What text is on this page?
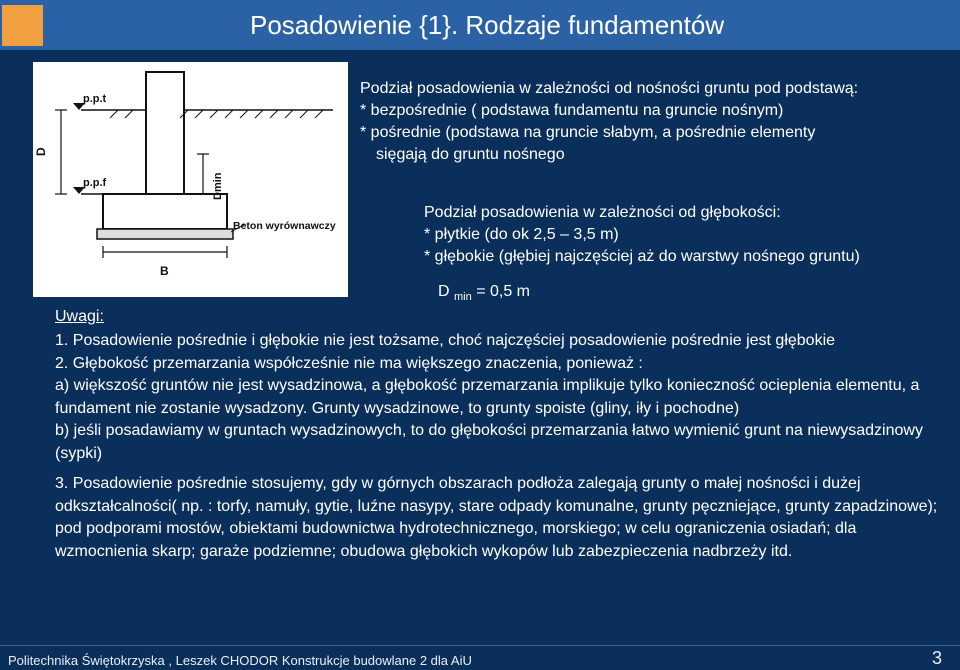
Posadowienie {1}. Rodzaje fundamentów
p.p.t
p.p.f
D
Dmin
B
Beton wyrównawczy
Podział posadowienia w zależności od nośności gruntu pod podstawą:
* bezpośrednie ( podstawa fundamentu na gruncie nośnym)
* pośrednie (podstawa na gruncie słabym, a pośrednie elementy
sięgają do gruntu nośnego
Podział posadowienia w zależności od głębokości:
* płytkie (do ok 2,5 – 3,5 m)
* głębokie (głębiej najczęściej aż do warstwy nośnego gruntu)
D $_{min}$ = 0,5 m
Uwagi:

1. Posadowienie pośrednie i głębokie nie jest tożsame, choć najczęściej posadowienie pośrednie jest głębokie

2. Głębokość przemarzania współcześnie nie ma większego znaczenia, ponieważ :

a) większość gruntów nie jest wysadzinowa, a głębokość przemarzania implikuje tylko konieczność ocieplenia elementu, a fundament nie zostanie wysadzony. Grunty wysadzinowe, to grunty spoiste (gliny, iły i pochodne)

b) jeśli posadawiamy w gruntach wysadzinowych, to do głębokości przemarzania łatwo wymienić grunt na niewysadzinowy (sypki)

3. Posadowienie pośrednie stosujemy, gdy w górnych obszarach podłoża zalegają grunty o małej nośności i dużej odkształcalności( np. : torfy, namuły, gytie, luźne nasypy, stare odpady komunalne, grunty pęczniejące, grunty zapadzinowe); pod podporami mostów, obiektami budownictwa hydrotechnicznego, morskiego; w celu ograniczenia osiadań; dla wzmocnienia skarp; garaże podziemne; obudowa głębokich wykopów lub zabezpieczenia nadbrzeży itd.

Politechnika Świętokrzyska , Leszek CHODOR Konstrukcje budowlane 2 dla AiU	3
